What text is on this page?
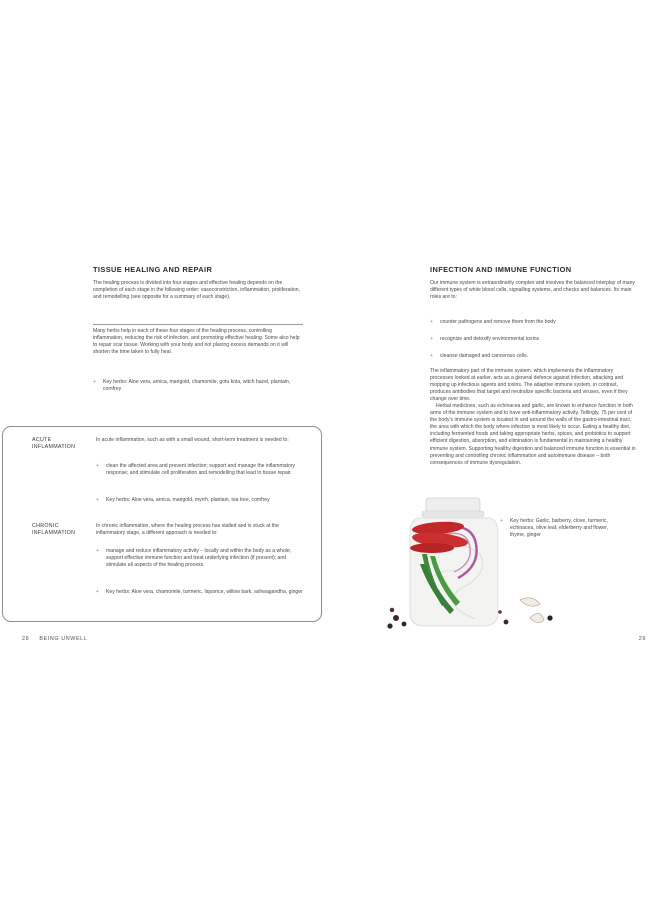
TISSUE HEALING AND REPAIR
The healing process is divided into four stages and effective healing depends on the completion of each stage in the following order: vasoconstriction, inflammation, proliferation, and remodelling (see opposite for a summary of each stage).
Many herbs help in each of these four stages of the healing process, controlling inflammation, reducing the risk of infection, and promoting effective healing. Some also help to repair scar tissue. Working with your body and not placing excess demands on it will shorten the time taken to fully heal.
+ Key herbs: Aloe vera, arnica, marigold, chamomile, gotu kola, witch hazel, plantain, comfrey
ACUTE
INFLAMMATION
In acute inflammation, such as with a small wound, short-term treatment is needed to:
+ clean the affected area and prevent infection; support and manage the inflammatory response; and stimulate cell proliferation and remodelling that lead to tissue repair.
+ Key herbs: Aloe vera, arnica, marigold, myrrh, plantain, tea tree, comfrey
CHRONIC
INFLAMMATION
In chronic inflammation, where the healing process has stalled and is stuck at the inflammatory stage, a different approach is needed to:
+ manage and reduce inflammatory activity – locally and within the body as a whole; support effective immune function and treat underlying infection (if present); and stimulate all aspects of the healing process.
+ Key herbs: Aloe vera, chamomile, turmeric, liquorice, willow bark, ashwagandha, ginger
28 BEING UNWELL
INFECTION AND IMMUNE FUNCTION
Our immune system is extraordinarily complex and involves the balanced interplay of many different types of white blood cells, signalling systems, and checks and balances. Its main roles are to:
+ counter pathogens and remove them from the body
+ recognize and detoxify environmental toxins
+ cleanse damaged and cancerous cells.
The inflammatory part of the immune system, which implements the inflammatory processes looked at earlier, acts as a general defence against infection, attacking and mopping up infectious agents and toxins. The adaptive immune system, in contrast, produces antibodies that target and neutralize specific bacteria and viruses, even if they change over time.
Herbal medicines, such as echinacea and garlic, are known to enhance function in both arms of the immune system and to have anti-inflammatory activity. Tellingly, 75 per cent of the body's immune system is located in and around the walls of the gastro-intestinal tract, the area with which the body where infection is most likely to occur. Eating a healthy diet, including fermented foods and taking appropriate herbs, spices, and probiotics to support efficient digestion, absorption, and elimination is fundamental in maintaining a healthy immune system. Supporting healthy digestion and balanced immune function is essential in preventing and controlling chronic inflammation and autoimmune disease – both consequences of immune dysregulation.
+ Key herbs: Garlic, barberry, clove, turmeric, echinacea, olive leaf, elderberry and flower, thyme, ginger
29
